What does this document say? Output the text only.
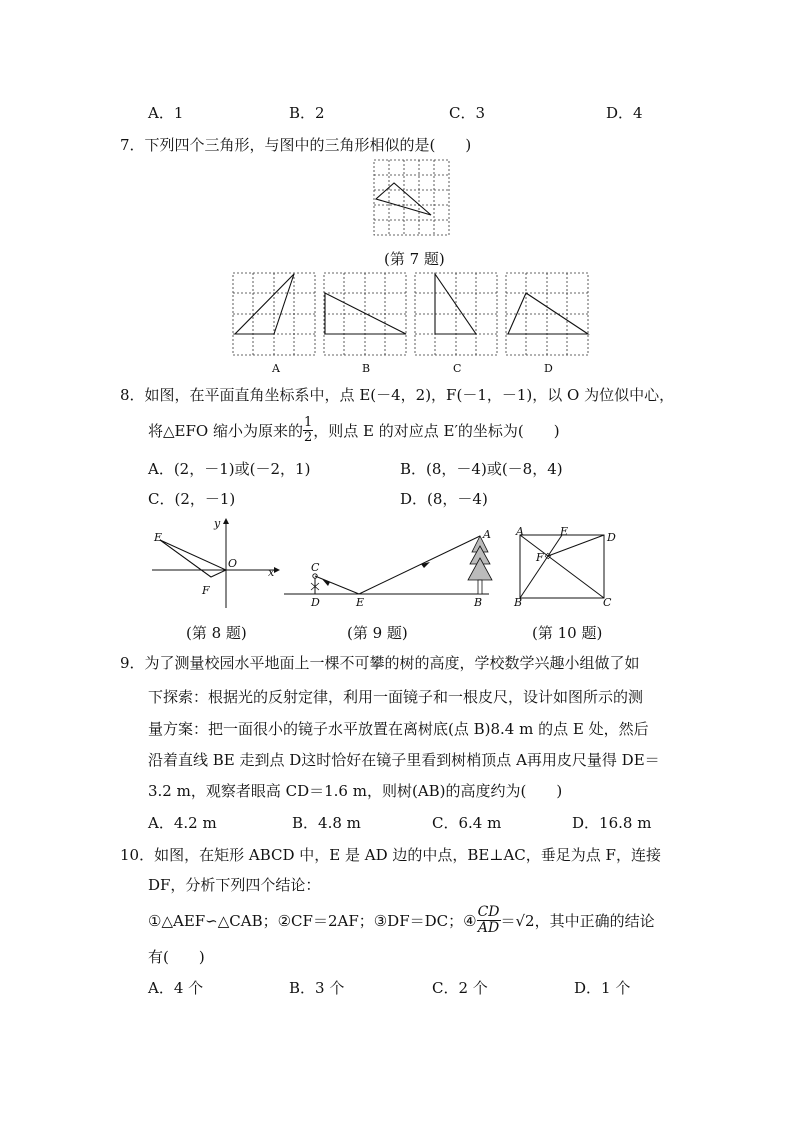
A．1	B．2	C．3	D．4
7．下列四个三角形，与图中的三角形相似的是(　　)
(第 7 题)
A	B	C	D
8．如图，在平面直角坐标系中，点 E(－4，2)，F(－1，－1)，以 O 为位似中心，
将△EFO 缩小为原来的 $\frac{1}{2}$ ，则点 E 的对应点 E′的坐标为(　　)
A．(2，－1)或(－2，1)	B．(8，－4)或(－8，4)
C．(2，－1)	D．(8，－4)
E
F
O
x
y
(第 8 题)
C
D	E
A
B
(第 9 题)
A	E	D
F
B	C
(第 10 题)
9．为了测量校园水平地面上一棵不可攀的树的高度，学校数学兴趣小组做了如
下探索：根据光的反射定律，利用一面镜子和一根皮尺，设计如图所示的测
量方案：把一面很小的镜子水平放置在离树底(点 B)8.4 m 的点 E 处，然后
沿着直线 BE 走到点 D这时恰好在镜子里看到树梢顶点 A再用皮尺量得 DE＝
3.2 m，观察者眼高 CD＝1.6 m，则树(AB)的高度约为(　　)
A．4.2 m	B．4.8 m	C．6.4 m	D．16.8 m
10．如图，在矩形 ABCD 中，E 是 AD 边的中点，BE⊥AC，垂足为点 F，连接
DF，分析下列四个结论：
①△AEF∽△CAB；②CF＝2AF；③DF＝DC；④ $\frac{CD}{AD} =√2$，其中正确的结论
有(　　)
A．4 个	B．3 个	C．2 个	D．1 个
